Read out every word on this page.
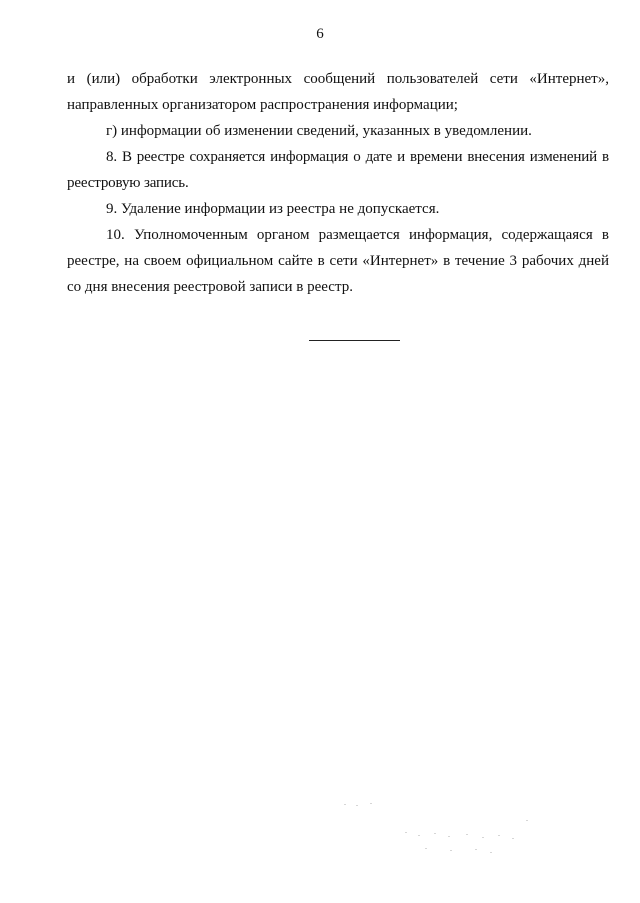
6

и (или) обработки электронных сообщений пользователей сети «Интернет», направленных организатором распространения информации;

г) информации об изменении сведений, указанных в уведомлении.

8. В реестре сохраняется информация о дате и времени внесения изменений в реестровую запись.

9. Удаление информации из реестра не допускается.

10. Уполномоченным органом размещается информация, содержащаяся в реестре, на своем официальном сайте в сети «Интернет» в течение 3 рабочих дней со дня внесения реестровой записи в реестр.
